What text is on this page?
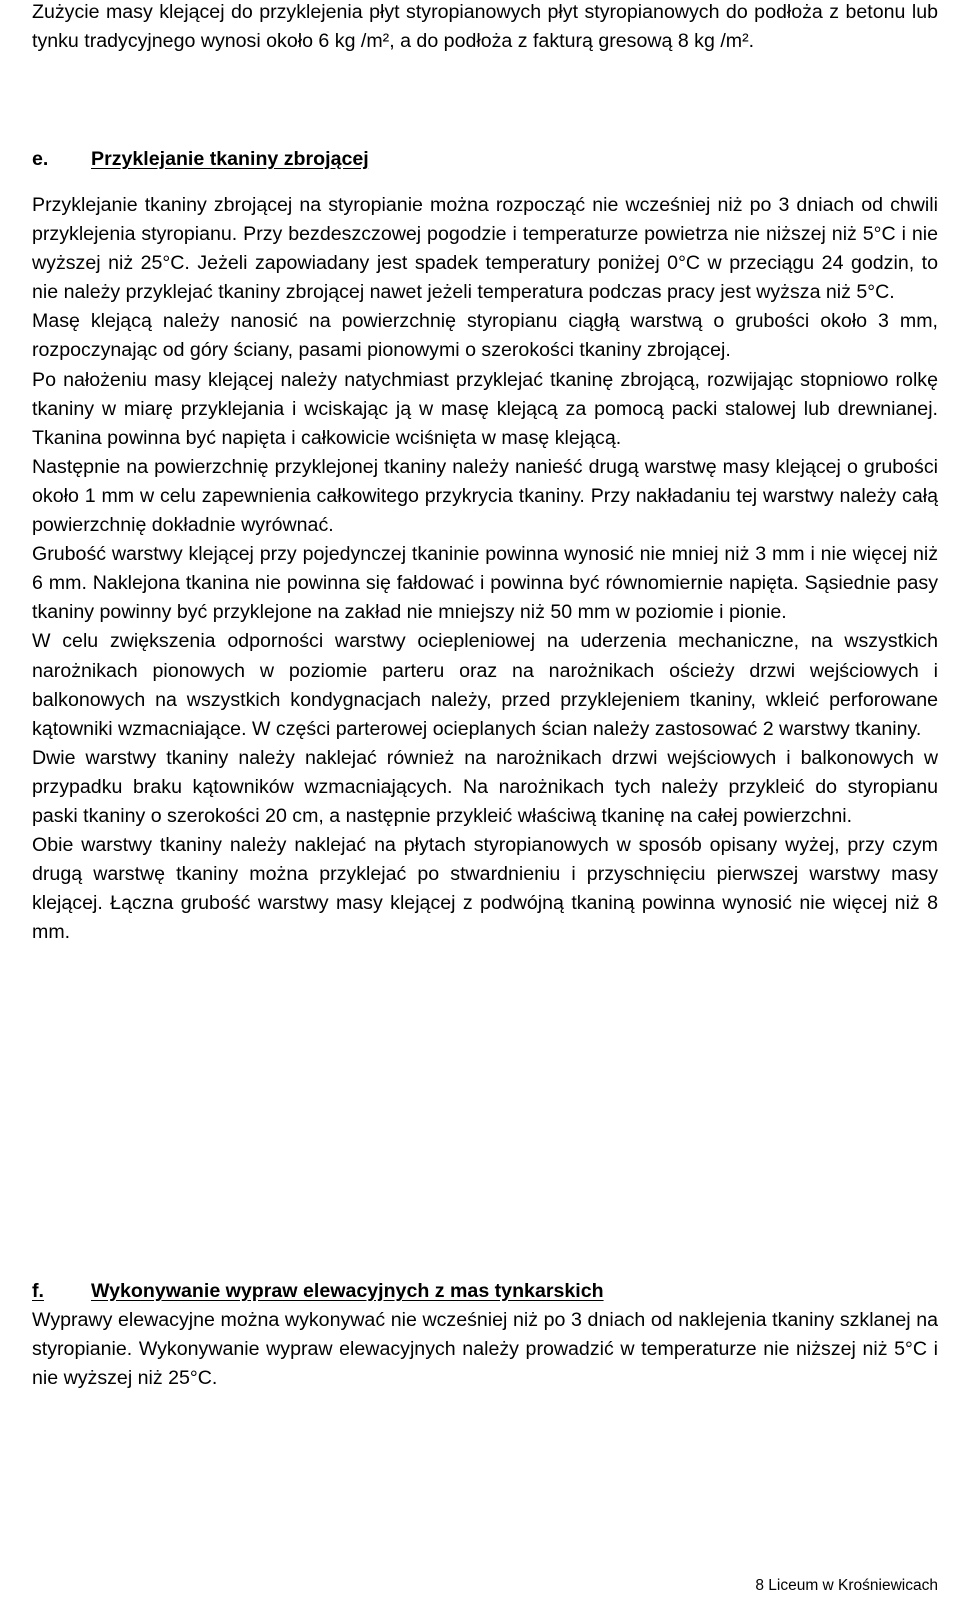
Zużycie masy klejącej do przyklejenia płyt styropianowych płyt styropianowych do podłoża z betonu lub tynku tradycyjnego wynosi około 6 kg /m², a do podłoża z fakturą gresową 8 kg /m².

e.	Przyklejanie tkaniny zbrojącej

Przyklejanie tkaniny zbrojącej na styropianie można rozpocząć nie wcześniej niż po 3 dniach od chwili przyklejenia styropianu. Przy bezdeszczowej pogodzie i temperaturze powietrza nie niższej niż 5°C i nie wyższej niż 25°C. Jeżeli zapowiadany jest spadek temperatury poniżej 0°C w przeciągu 24 godzin, to nie należy przyklejać tkaniny zbrojącej nawet jeżeli temperatura podczas pracy jest wyższa niż 5°C.

Masę klejącą należy nanosić na powierzchnię styropianu ciągłą warstwą o grubości około 3 mm, rozpoczynając od góry ściany, pasami pionowymi o szerokości tkaniny zbrojącej.

Po nałożeniu masy klejącej należy natychmiast przyklejać tkaninę zbrojącą, rozwijając stopniowo rolkę tkaniny w miarę przyklejania i wciskając ją w masę klejącą za pomocą packi stalowej lub drewnianej. Tkanina powinna być napięta i całkowicie wciśnięta w masę klejącą.

Następnie na powierzchnię przyklejonej tkaniny należy nanieść drugą warstwę masy klejącej o grubości około 1 mm w celu zapewnienia całkowitego przykrycia tkaniny. Przy nakładaniu tej warstwy należy całą powierzchnię dokładnie wyrównać.

Grubość warstwy klejącej przy pojedynczej tkaninie powinna wynosić nie mniej niż 3 mm i nie więcej niż 6 mm. Naklejona tkanina nie powinna się fałdować i powinna być równomiernie napięta. Sąsiednie pasy tkaniny powinny być przyklejone na zakład nie mniejszy niż 50 mm w poziomie i pionie.

W celu zwiększenia odporności warstwy ociepleniowej na uderzenia mechaniczne, na wszystkich narożnikach pionowych w poziomie parteru oraz na narożnikach ościeży drzwi wejściowych i balkonowych na wszystkich kondygnacjach należy, przed przyklejeniem tkaniny, wkleić perforowane kątowniki wzmacniające. W części parterowej ocieplanych ścian należy zastosować 2 warstwy tkaniny.

Dwie warstwy tkaniny należy naklejać również na narożnikach drzwi wejściowych i balkonowych w przypadku braku kątowników wzmacniających. Na narożnikach tych należy przykleić do styropianu paski tkaniny o szerokości 20 cm, a następnie przykleić właściwą tkaninę na całej powierzchni.

Obie warstwy tkaniny należy naklejać na płytach styropianowych w sposób opisany wyżej, przy czym drugą warstwę tkaniny można przyklejać po stwardnieniu i przyschnięciu pierwszej warstwy masy klejącej. Łączna grubość warstwy masy klejącej z podwójną tkaniną powinna wynosić nie więcej niż 8 mm.

f.	Wykonywanie wypraw elewacyjnych z mas tynkarskich

Wyprawy elewacyjne można wykonywać nie wcześniej niż po 3 dniach od naklejenia tkaniny szklanej na styropianie. Wykonywanie wypraw elewacyjnych należy prowadzić w temperaturze nie niższej niż 5°C i nie wyższej niż 25°C.

8 Liceum w Krośniewicach
